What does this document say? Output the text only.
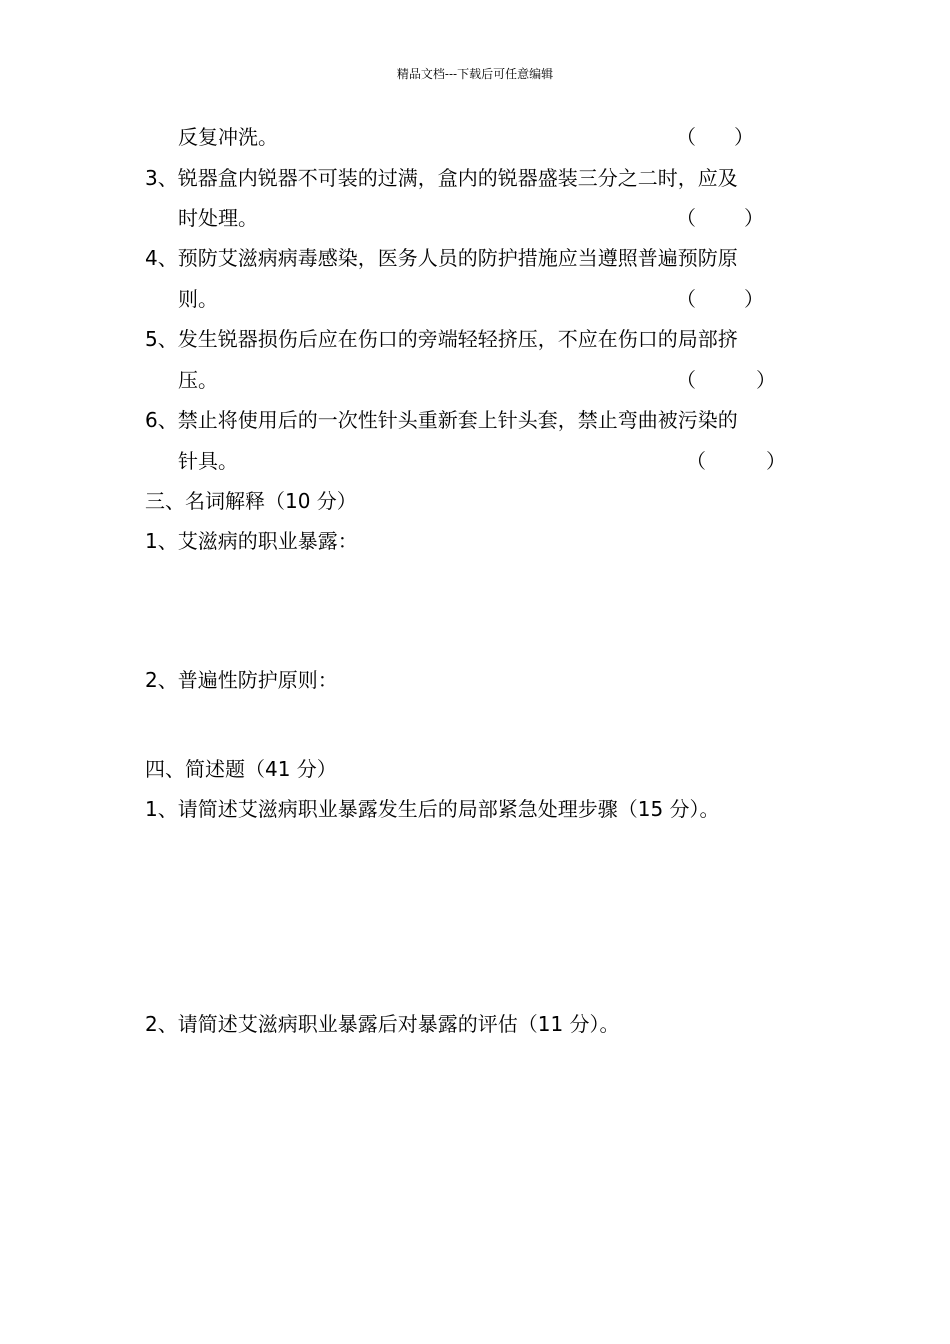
精品文档---下载后可任意编辑
反复冲洗。	（ ）
3、锐器盒内锐器不可装的过满，盒内的锐器盛装三分之二时，应及
时处理。	（ ）
4、预防艾滋病病毒感染，医务人员的防护措施应当遵照普遍预防原
则。	（ ）
5、发生锐器损伤后应在伤口的旁端轻轻挤压，不应在伤口的局部挤
压。	（	）
6、禁止将使用后的一次性针头重新套上针头套，禁止弯曲被污染的
针具。	（	）
三、名词解释（10 分）
1、艾滋病的职业暴露：
2、普遍性防护原则：
四、简述题（41 分）
1、请简述艾滋病职业暴露发生后的局部紧急处理步骤（15 分）。
2、请简述艾滋病职业暴露后对暴露的评估（11 分）。
